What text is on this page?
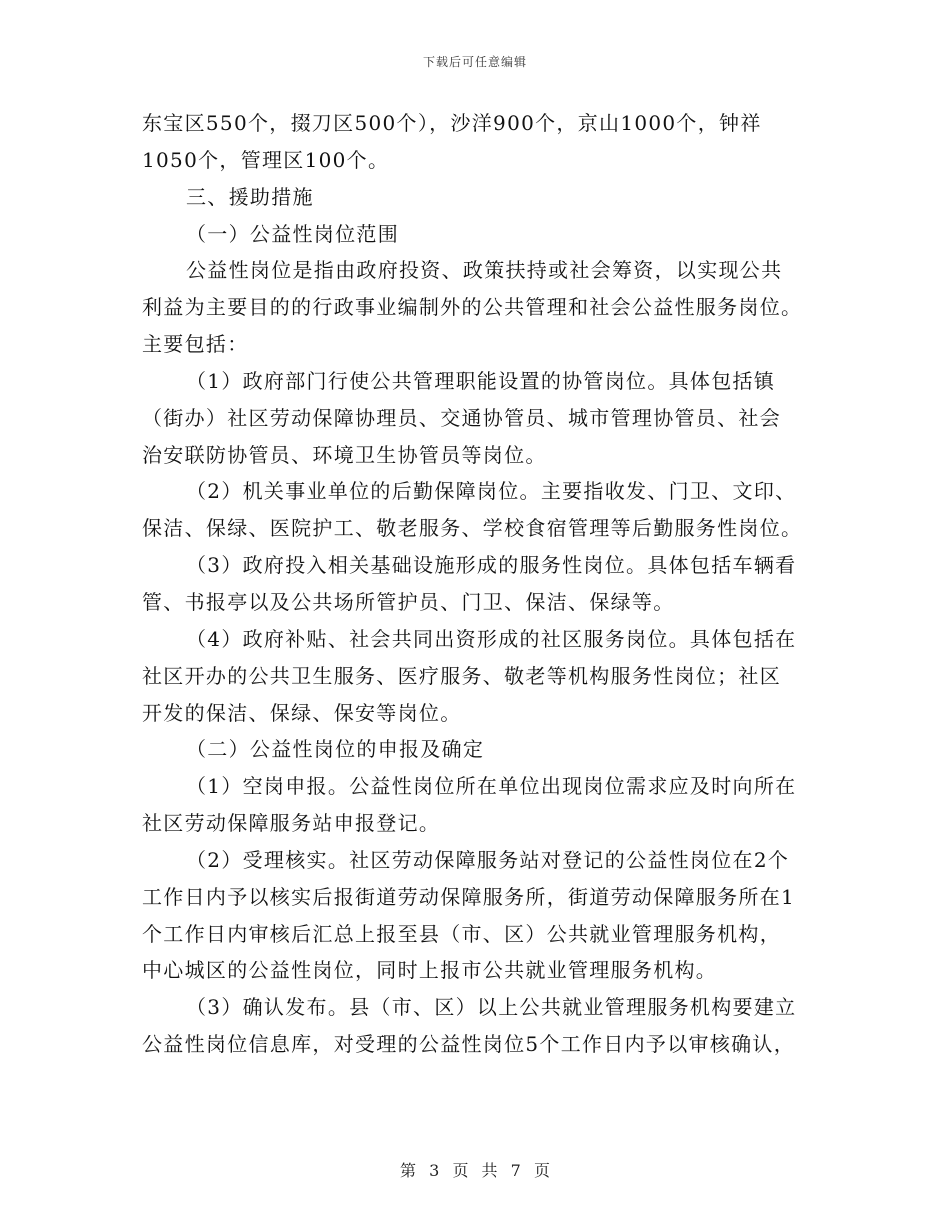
下载后可任意编辑
东宝区550个，掇刀区500个），沙洋900个，京山1000个，钟祥
1050个，管理区100个。
三、援助措施
（一）公益性岗位范围
公益性岗位是指由政府投资、政策扶持或社会筹资，以实现公共
利益为主要目的的行政事业编制外的公共管理和社会公益性服务岗位。
主要包括：
（1）政府部门行使公共管理职能设置的协管岗位。具体包括镇
（街办）社区劳动保障协理员、交通协管员、城市管理协管员、社会
治安联防协管员、环境卫生协管员等岗位。
（2）机关事业单位的后勤保障岗位。主要指收发、门卫、文印、
保洁、保绿、医院护工、敬老服务、学校食宿管理等后勤服务性岗位。
（3）政府投入相关基础设施形成的服务性岗位。具体包括车辆看
管、书报亭以及公共场所管护员、门卫、保洁、保绿等。
（4）政府补贴、社会共同出资形成的社区服务岗位。具体包括在
社区开办的公共卫生服务、医疗服务、敬老等机构服务性岗位；社区
开发的保洁、保绿、保安等岗位。
（二）公益性岗位的申报及确定
（1）空岗申报。公益性岗位所在单位出现岗位需求应及时向所在
社区劳动保障服务站申报登记。
（2）受理核实。社区劳动保障服务站对登记的公益性岗位在2个
工作日内予以核实后报街道劳动保障服务所，街道劳动保障服务所在1
个工作日内审核后汇总上报至县（市、区）公共就业管理服务机构，
中心城区的公益性岗位，同时上报市公共就业管理服务机构。
（3）确认发布。县（市、区）以上公共就业管理服务机构要建立
公益性岗位信息库，对受理的公益性岗位5个工作日内予以审核确认，
第 3 页 共 7 页
